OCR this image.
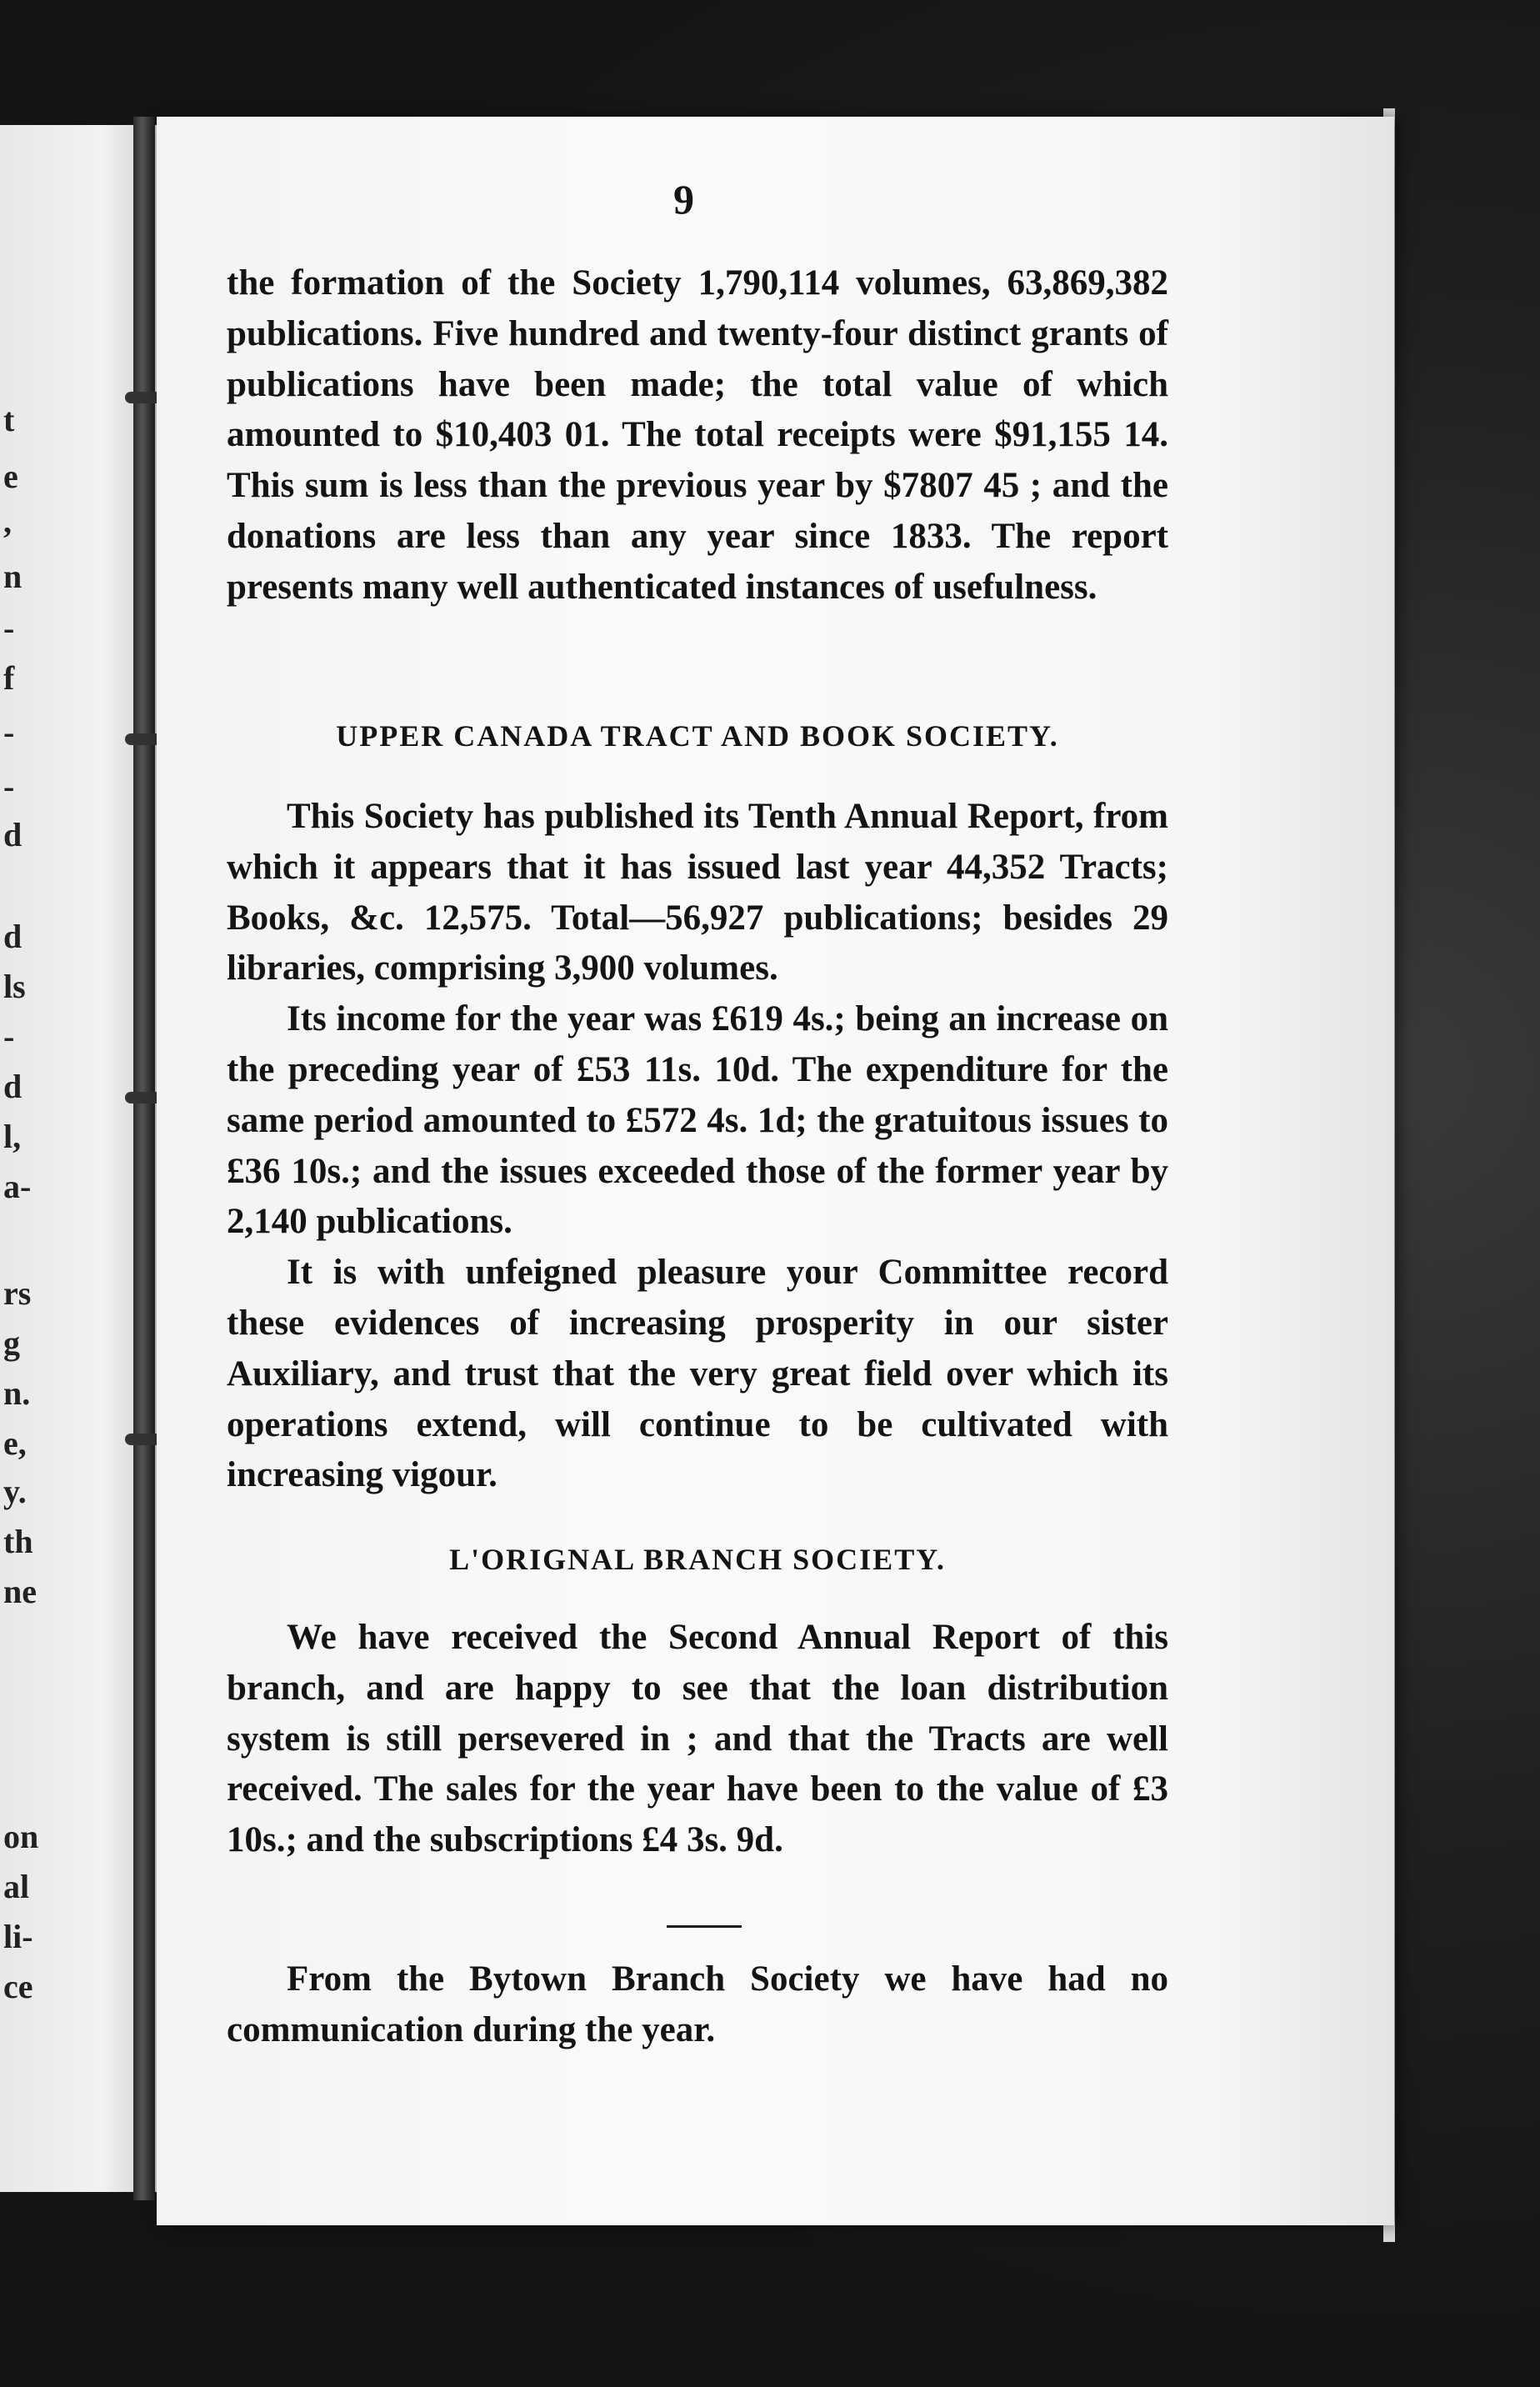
t
e
,
n
-
f
-
-
d
d
ls
-
d
l,
a-
rs
g
n.
e,
y.
th
ne
on
al
li-
ce
9

the formation of the Society 1,790,114 volumes, 63,869,382 publications. Five hundred and twenty-four distinct grants of publications have been made; the total value of which amounted to $10,403 01. The total receipts were $91,155 14. This sum is less than the previous year by $7807 45 ; and the donations are less than any year since 1833. The report presents many well authenticated instances of usefulness.

UPPER CANADA TRACT AND BOOK SOCIETY.

This Society has published its Tenth Annual Report, from which it appears that it has issued last year 44,352 Tracts; Books, &c. 12,575. Total—56,927 publications; besides 29 libraries, comprising 3,900 volumes.

Its income for the year was £619 4s.; being an increase on the preceding year of £53 11s. 10d. The expenditure for the same period amounted to £572 4s. 1d; the gratuitous issues to £36 10s.; and the issues exceeded those of the former year by 2,140 publications.

It is with unfeigned pleasure your Committee record these evidences of increasing prosperity in our sister Auxiliary, and trust that the very great field over which its operations extend, will continue to be cultivated with increasing vigour.

L'ORIGNAL BRANCH SOCIETY.

We have received the Second Annual Report of this branch, and are happy to see that the loan distribution system is still persevered in ; and that the Tracts are well received. The sales for the year have been to the value of £3 10s.; and the subscriptions £4 3s. 9d.

From the Bytown Branch Society we have had no communication during the year.
